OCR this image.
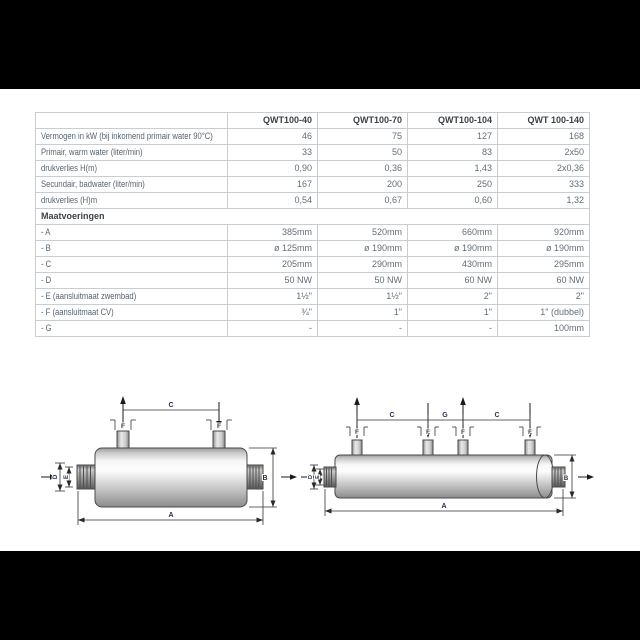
	QWT100-40	QWT100-70	QWT100-104	QWT 100-140
Vermogen in kW (bij inkomend primair water 90°C)	46	75	127	168
Primair, warm water (liter/min)	33	50	83	2x50
drukverlies H(m)	0,90	0,36	1,43	2x0,36
Secundair, badwater (liter/min)	167	200	250	333
drukverlies (H)m	0,54	0,67	0,60	1,32
Maatvoeringen				
- A	385mm	520mm	660mm	920mm
- B	ø 125mm	ø 190mm	ø 190mm	ø 190mm
- C	205mm	290mm	430mm	295mm
- D	50 NW	50 NW	60 NW	60 NW
- E (aansluitmaat zwembad)	1½"	1½"	2"	2"
- F (aansluitmaat CV)	¾"	1"	1"	1" (dubbel)
- G	-	-	-	100mm
C
F	F
B
D E
A
C	G	C
F	F	F	F
B
D E
A
